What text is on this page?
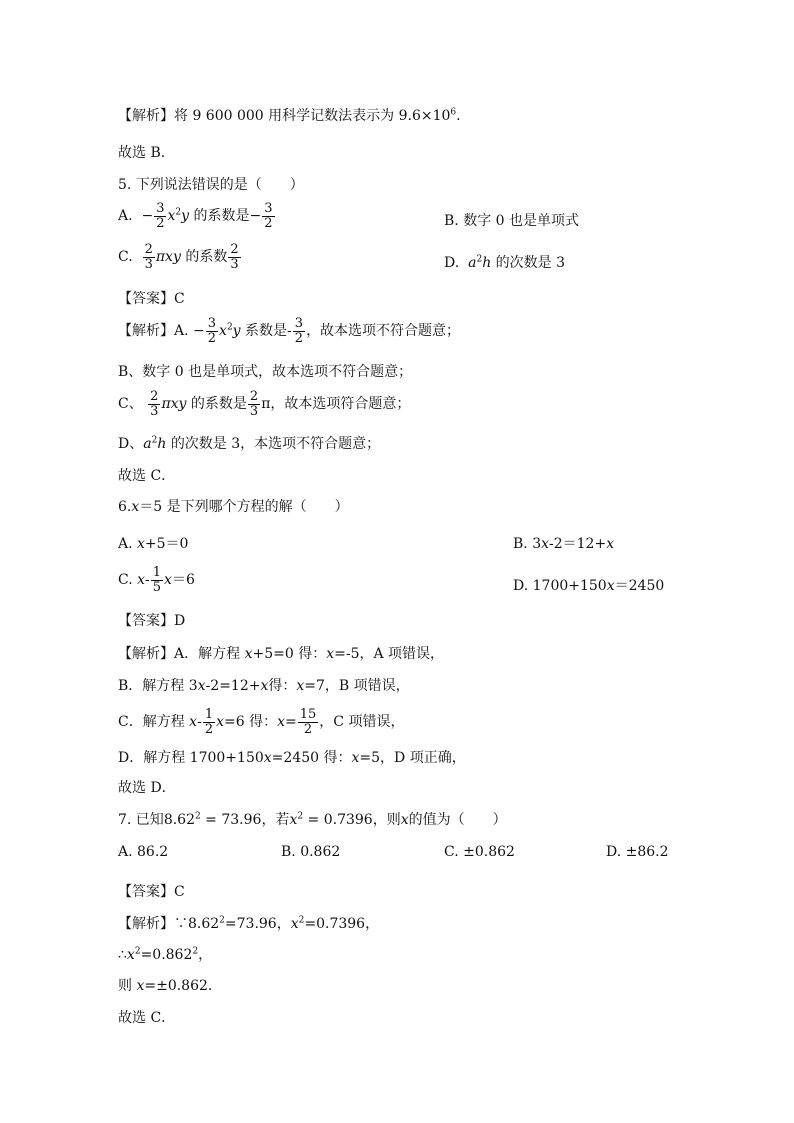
【解析】将 9 600 000 用科学记数法表示为 $9.6\times 10^6$.
故选 B．
5. 下列说法错误的是（　　）
A. − $\frac{3}{2} x^2y$ 的系数是− $\frac{3}{2}$	B. 数字 0 也是单项式
C. $\frac{2}{3}$ πxy 的系数 $\frac{2}{3}$	D. $a^2h$ 的次数是 3
【答案】C
【解析】A. − $\frac{3}{2} x^2y$ 系数是- $\frac{3}{2}$ ，故本选项不符合题意；
B、数字 0 也是单项式，故本选项不符合题意；
C、 $\frac{2}{3}$ πxy 的系数是 $\frac{2}{3}$ π，故本选项符合题意；
D、$a^2h$ 的次数是 3，本选项不符合题意；
故选 C．
6.x＝5 是下列哪个方程的解（　　）
A. x+5＝0	B. 3x-2＝12+x
C. $x- \frac{1}{5} x=6$	D. 1700+150x＝2450
【答案】D
【解析】A．解方程 x+5=0 得：x=-5，A 项错误，
B．解方程 3x-2=12+x得：x=7，B 项错误，
C．解方程 $x- \frac{1}{2} x=6$ 得：$x= \frac{15}{2}$ ，C 项错误，
D．解方程 1700+150x=2450 得：x=5，D 项正确，
故选 D．
7. 已知$8.62^2 = 73.96$，若$x^2 = 0.7396$，则x的值为（　　）
A. 86.2	B. 0.862	C. ±0.862	D. ±86.2
【答案】C
【解析】$\because 8.62^2=73.96$，$x^2=0.7396$，
$\therefore x^2=0.862^2$，
则 x=±0.862.
故选 C．
